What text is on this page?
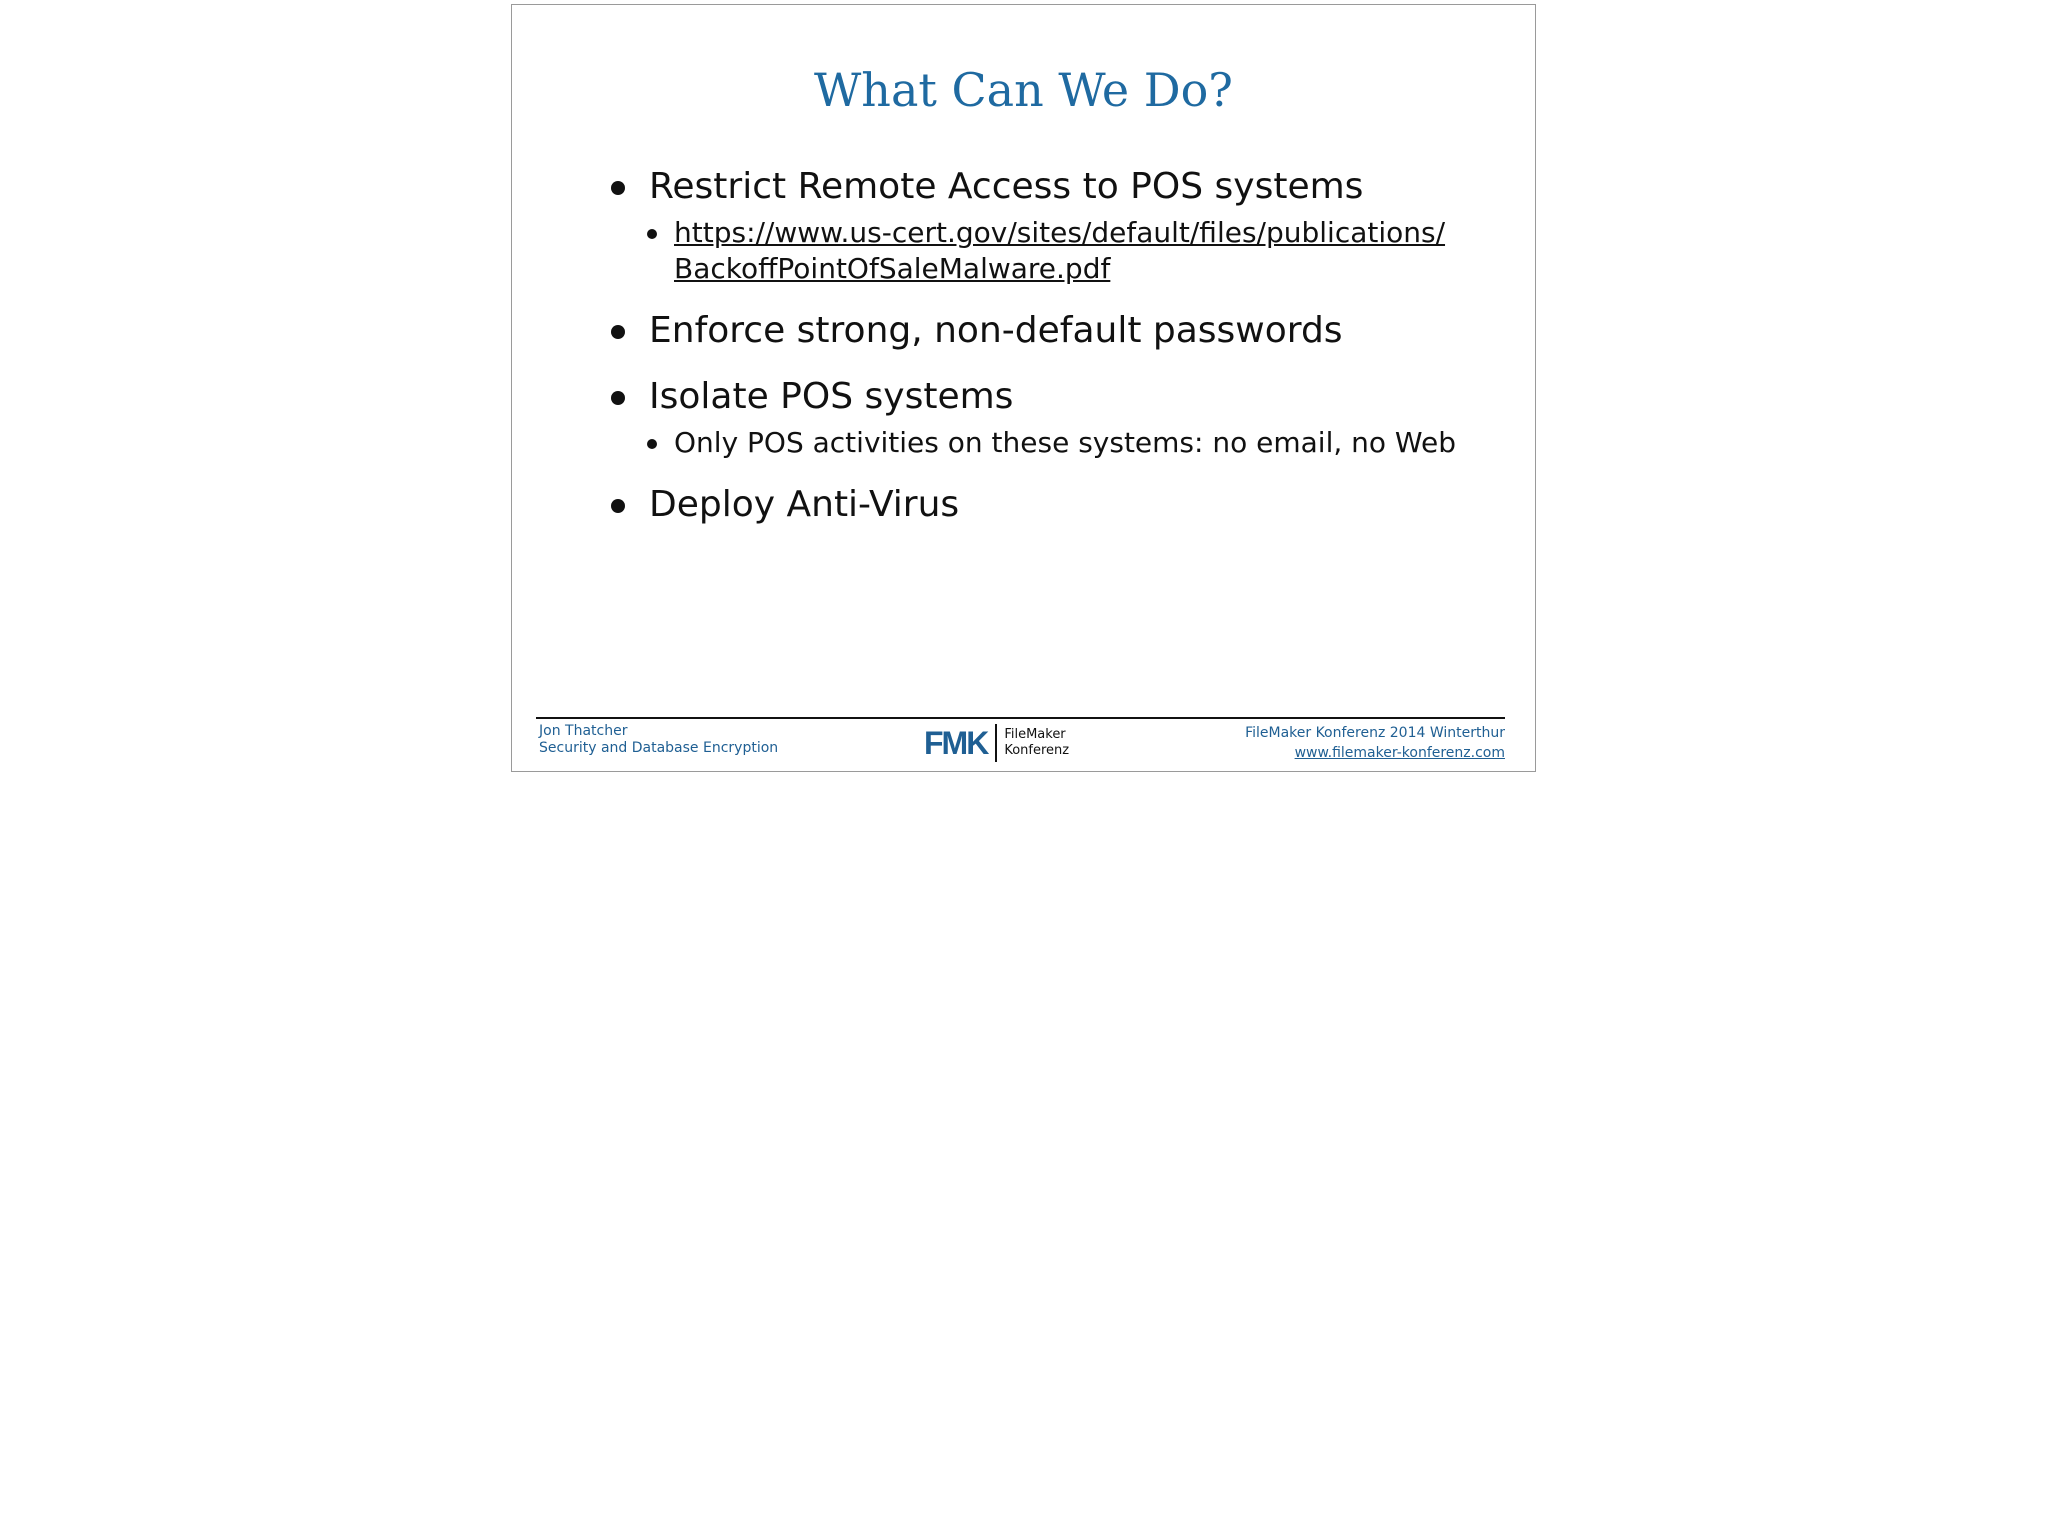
What Can We Do?
Restrict Remote Access to POS systems
https://www.us-cert.gov/sites/default/files/publications/
BackoffPointOfSaleMalware.pdf
Enforce strong, non-default passwords
Isolate POS systems
Only POS activities on these systems: no email, no Web
Deploy Anti-Virus
Jon Thatcher
Security and Database Encryption	FMK FileMaker
Konferenz
FileMaker Konferenz 2014 Winterthur
www.filemaker-konferenz.com
